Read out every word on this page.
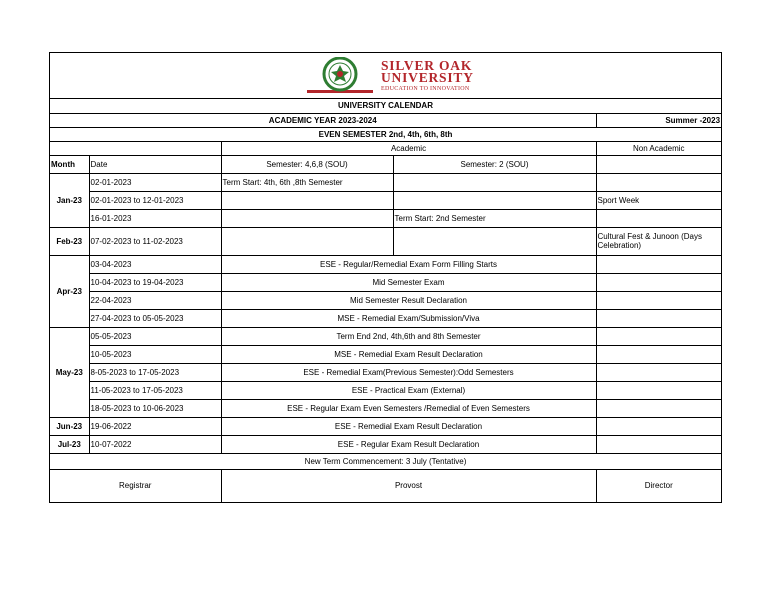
SILVER OAK
UNIVERSITY
EDUCATION TO INNOVATION
UNIVERSITY CALENDAR				
ACADEMIC YEAR 2023-2024				Summer -2023
EVEN SEMESTER 2nd, 4th, 6th, 8th				
		Academic		Non Academic
Month	Date	Semester: 4,6,8 (SOU)	Semester: 2 (SOU)	
Jan-23	02-01-2023	Term Start: 4th, 6th ,8th Semester		
	02-01-2023 to 12-01-2023			Sport Week
	16-01-2023		Term Start: 2nd Semester	
Feb-23	07-02-2023 to 11-02-2023			Cultural Fest & Junoon (Days Celebration)
Apr-23	03-04-2023	ESE - Regular/Remedial Exam Form Filling Starts		
	10-04-2023 to 19-04-2023	Mid Semester Exam		
	22-04-2023	Mid Semester Result Declaration		
	27-04-2023 to 05-05-2023	MSE - Remedial Exam/Submission/Viva		
May-23	05-05-2023	Term End 2nd, 4th,6th and 8th Semester		
	10-05-2023	MSE - Remedial Exam Result Declaration		
	8-05-2023 to 17-05-2023	ESE - Remedial Exam(Previous Semester):Odd Semesters		
	11-05-2023 to 17-05-2023	ESE - Practical Exam (External)		
	18-05-2023 to 10-06-2023	ESE - Regular Exam Even Semesters /Remedial of Even Semesters		
Jun-23	19-06-2022	ESE - Remedial Exam Result Declaration		
Jul-23	10-07-2022	ESE - Regular Exam Result Declaration		
New Term Commencement: 3 July (Tentative)				
Registrar		Provost		Director
